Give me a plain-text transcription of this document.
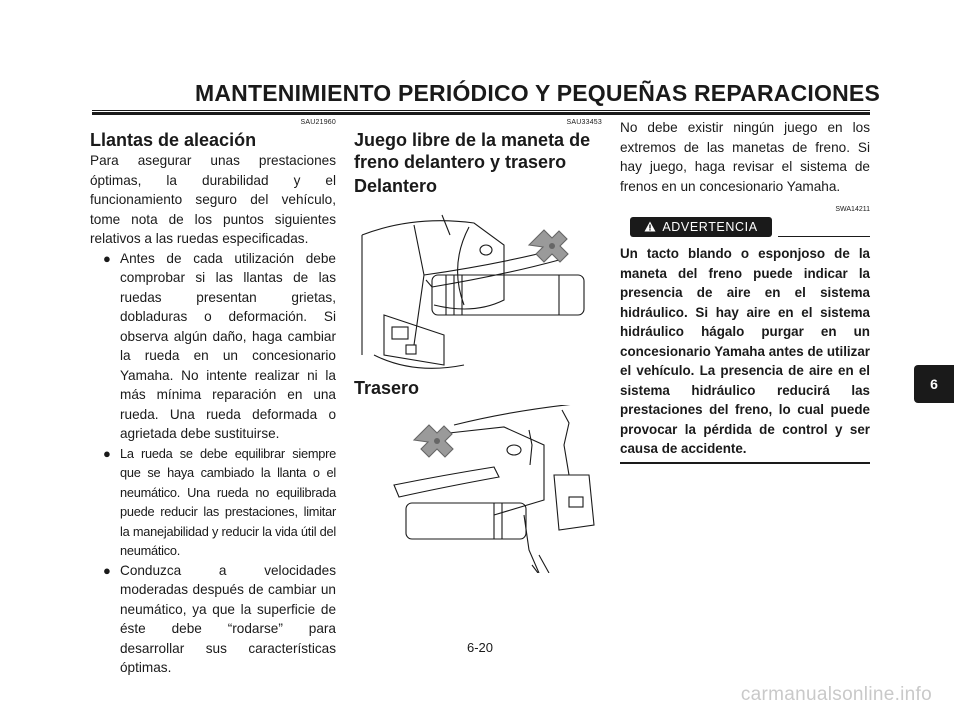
MANTENIMIENTO PERIÓDICO Y PEQUEÑAS REPARACIONES
SAU21960
Llantas de aleación

Para asegurar unas prestaciones óptimas, la durabilidad y el funcionamiento seguro del vehículo, tome nota de los puntos siguientes relativos a las ruedas especificadas.

● Antes de cada utilización debe comprobar si las llantas de las ruedas presentan grietas, dobladuras o deformación. Si observa algún daño, haga cambiar la rueda en un concesionario Yamaha. No intente realizar ni la más mínima reparación en una rueda. Una rueda deformada o agrietada debe sustituirse.

● La rueda se debe equilibrar siempre que se haya cambiado la llanta o el neumático. Una rueda no equilibrada puede reducir las prestaciones, limitar la manejabilidad y reducir la vida útil del neumático.

● Conduzca a velocidades moderadas después de cambiar un neumático, ya que la superficie de éste debe “rodarse” para desarrollar sus características óptimas.

SAU33453
Juego libre de la maneta de freno delantero y trasero
Delantero
Trasero

No debe existir ningún juego en los extremos de las manetas de freno. Si hay juego, haga revisar el sistema de frenos en un concesionario Yamaha.

SWA14211
ADVERTENCIA

Un tacto blando o esponjoso de la maneta del freno puede indicar la presencia de aire en el sistema hidráulico. Si hay aire en el sistema hidráulico hágalo purgar en un concesionario Yamaha antes de utilizar el vehículo. La presencia de aire en el sistema hidráulico reducirá las prestaciones del freno, lo cual puede provocar la pérdida de control y ser causa de accidente.

6
6-20
carmanualsonline.info
